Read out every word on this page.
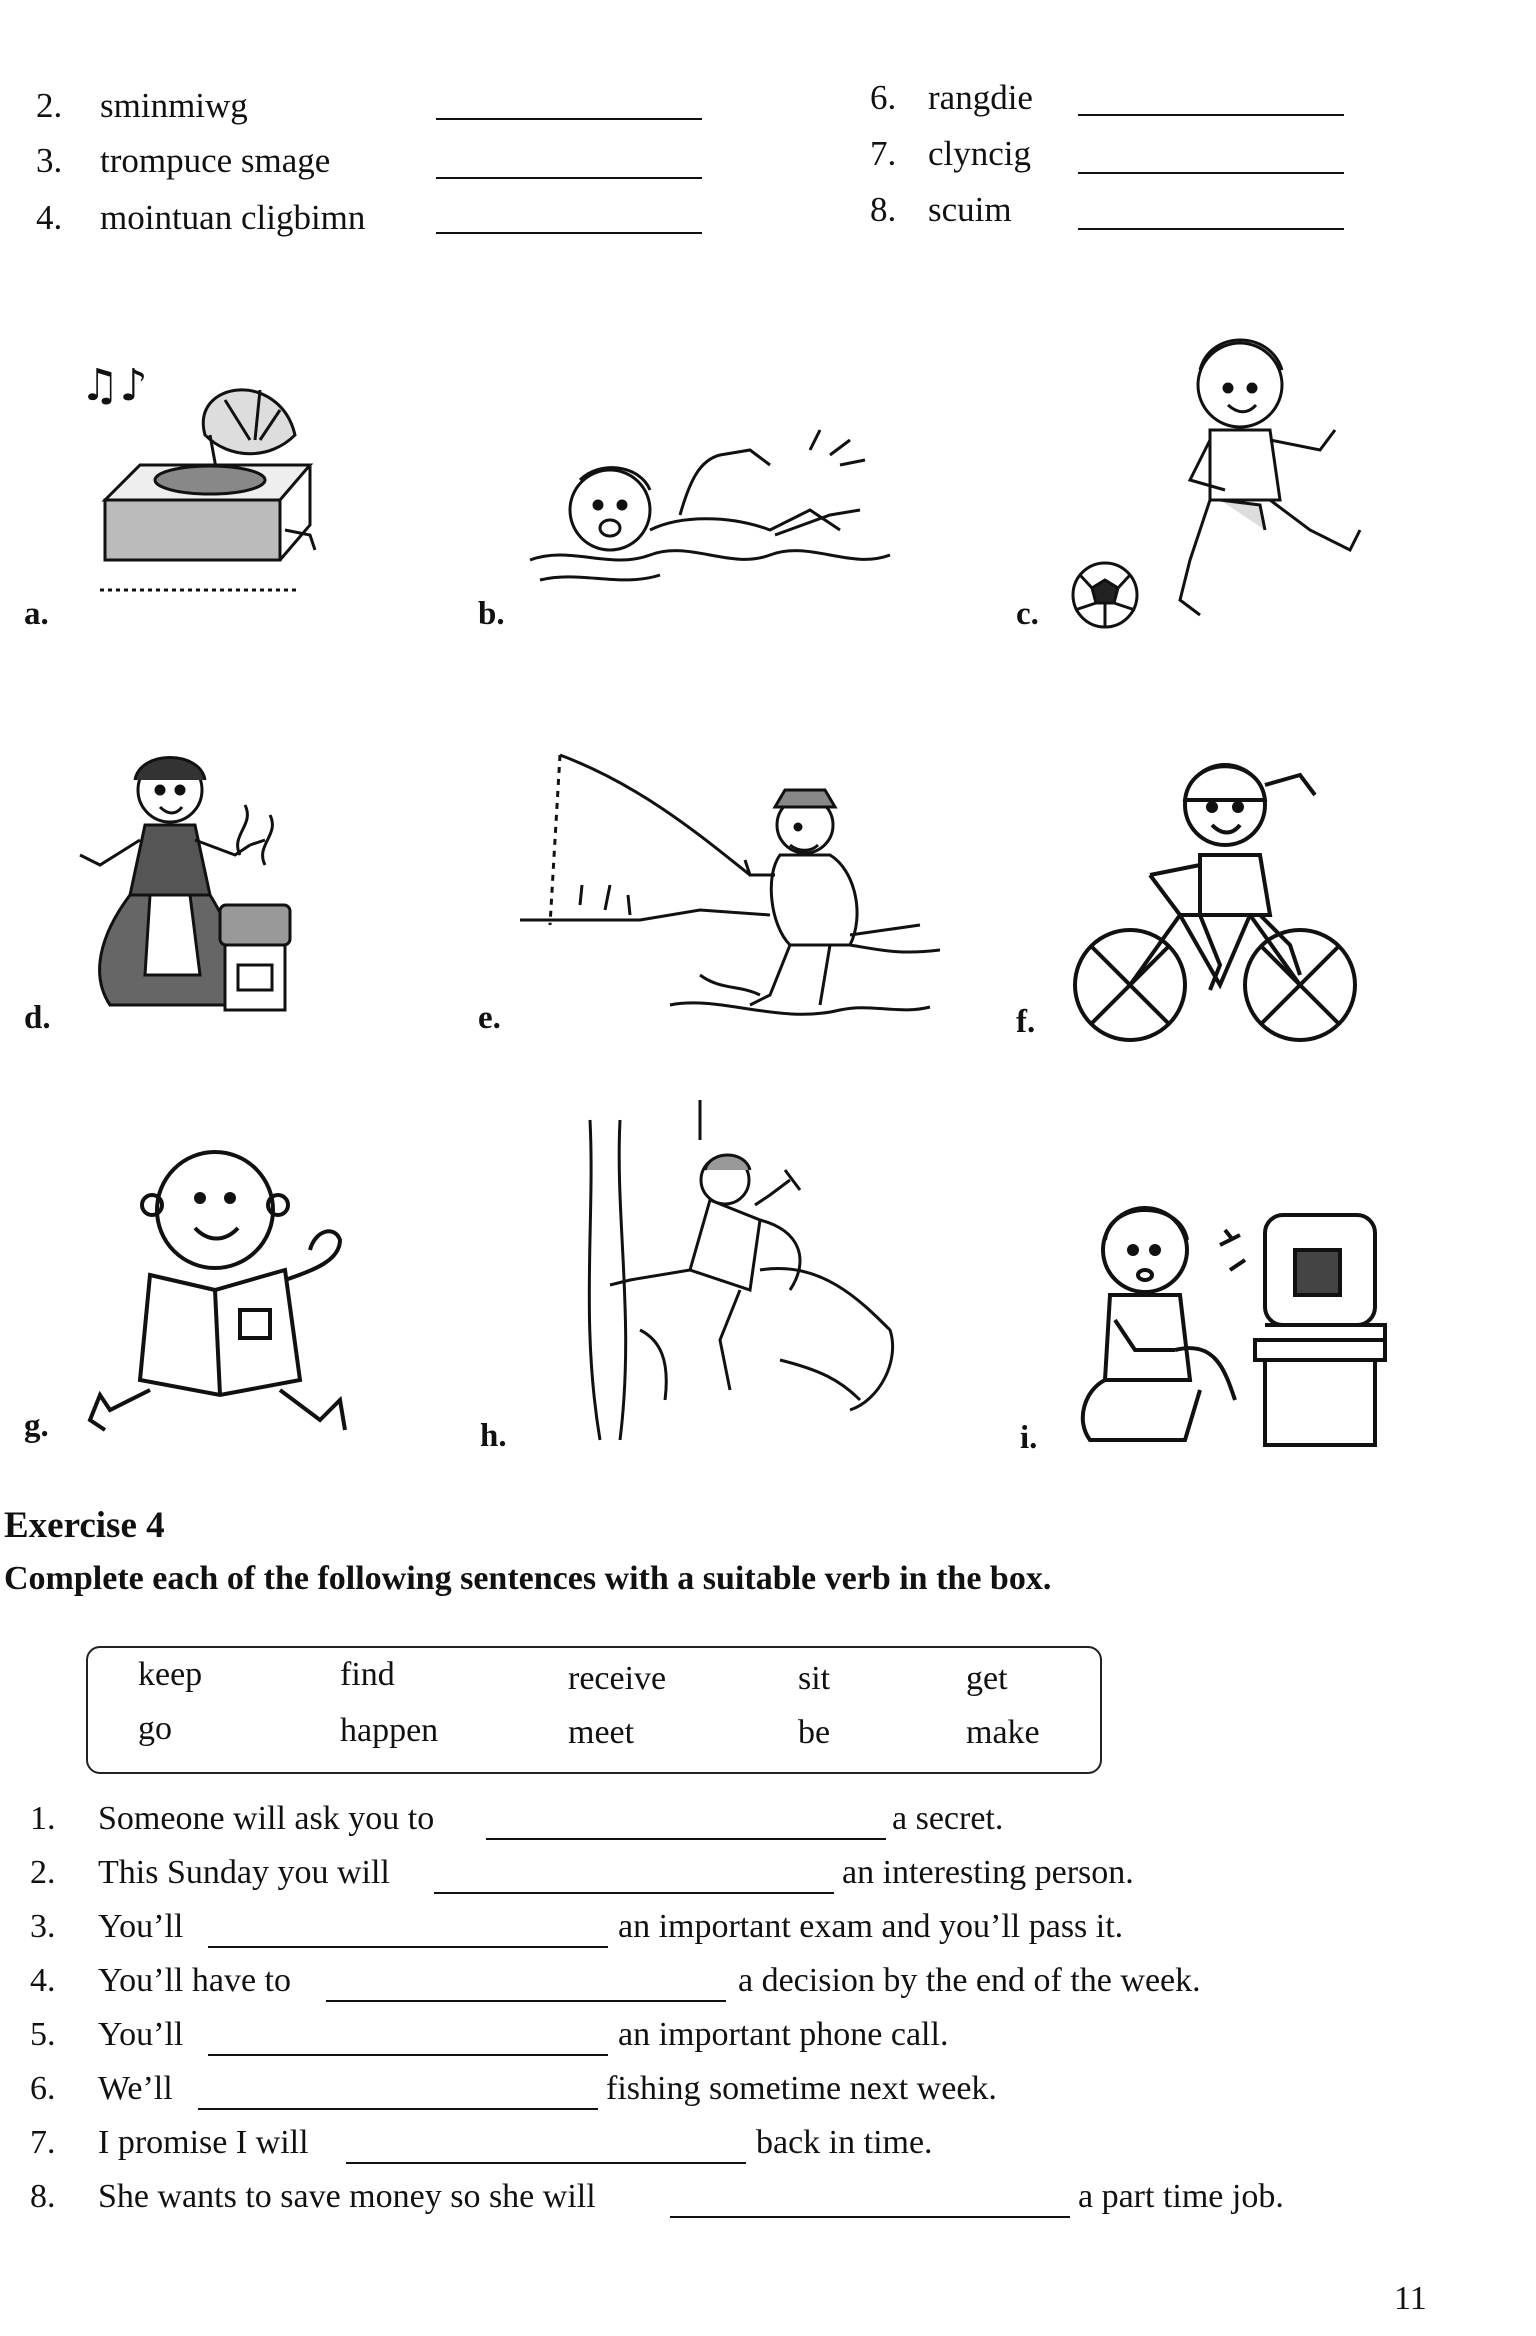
2. sminmiwg
3. trompuce smage
4. mointuan cligbimn
6. rangdie
7. clyncig
8. scuim
♫♪
a.	b.	c.
d.	e.	f.
g.	h.	i.
Exercise 4
Complete each of the following sentences with a suitable verb in the box.
keep	find	receive	sit	get
go	happen	meet	be	make
1. Someone will ask you to	a secret.
2. This Sunday you will	an interesting person.
3. You’ll	an important exam and you’ll pass it.
4. You’ll have to	a decision by the end of the week.
5. You’ll	an important phone call.
6. We’ll	fishing sometime next week.
7. I promise I will	back in time.
8. She wants to save money so she will	a part time job.
11
